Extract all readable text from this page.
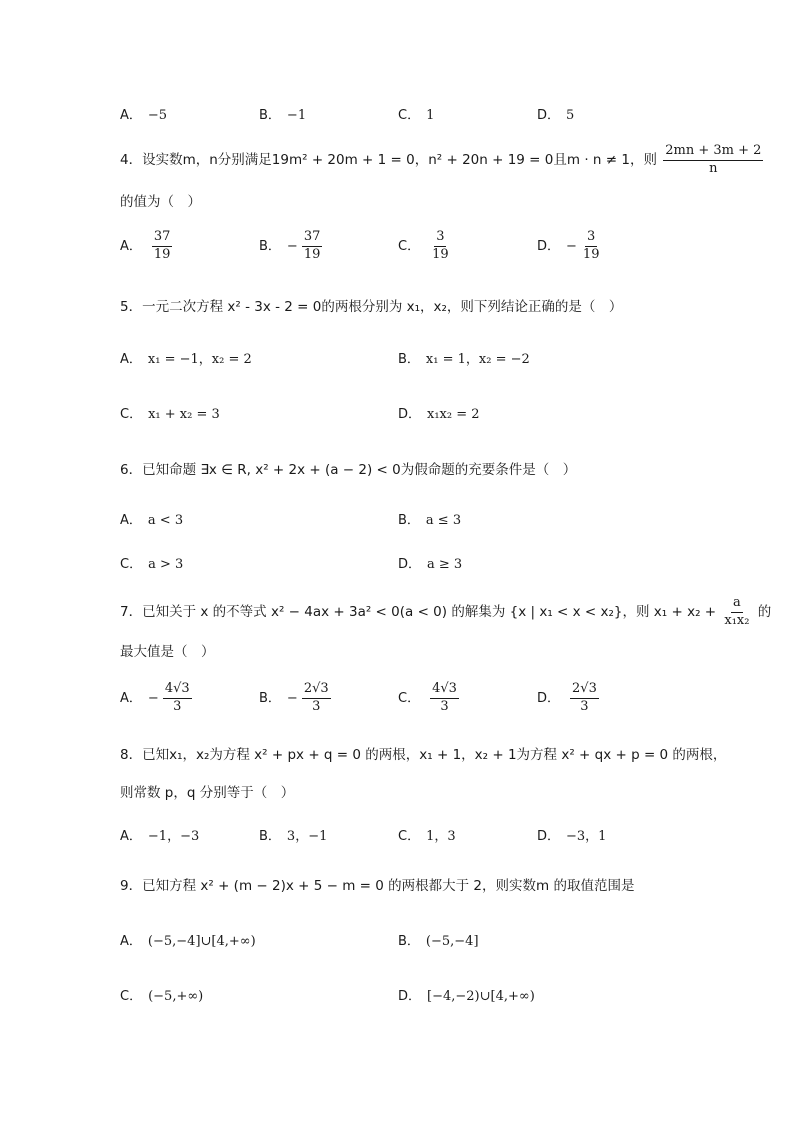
A． −5	B． −1	C． 1	D． 5
4．设实数m，n分别满足19m² + 20m + 1 = 0，n² + 20n + 19 = 0且m · n ≠ 1，则 $\frac{2mn + 3m + 2}{n}$
的值为（　）
A． $\frac{37}{19}$	B． − $\frac{37}{19}$	C． $\frac{3}{19}$	D． − $\frac{3}{19}$
5．一元二次方程 x² - 3x - 2 = 0的两根分别为 x₁，x₂，则下列结论正确的是（　）
A． x₁ = −1，x₂ = 2	B． x₁ = 1，x₂ = −2
C． x₁ + x₂ = 3	D． x₁x₂ = 2
6．已知命题 ∃x ∈ R, x² + 2x + (a − 2) < 0为假命题的充要条件是（　）
A． a < 3	B． a ≤ 3
C． a > 3	D． a ≥ 3
7．已知关于 x 的不等式 x² − 4ax + 3a² < 0(a < 0) 的解集为 {x | x₁ < x < x₂}，则 $x_1 + x_2 + \frac{a}{\text{x₁x₂}}$ 的
最大值是（　）
A． − $\frac{4√3}{3}$	B． − $\frac{2√3}{3}$	C． $\frac{4√3}{3}$	D． $\frac{2√3}{3}$
8．已知x₁，x₂为方程 x² + px + q = 0 的两根，x₁ + 1，x₂ + 1为方程 x² + qx + p = 0 的两根，
则常数 p，q 分别等于（　）
A． −1，−3	B． 3，−1	C． 1，3	D． −3，1
9．已知方程 x² + (m − 2)x + 5 − m = 0 的两根都大于 2，则实数m 的取值范围是
A． (−5,−4]∪[4,+∞)	B． (−5,−4]
C． (−5,+∞)	D． [−4,−2)∪[4,+∞)
